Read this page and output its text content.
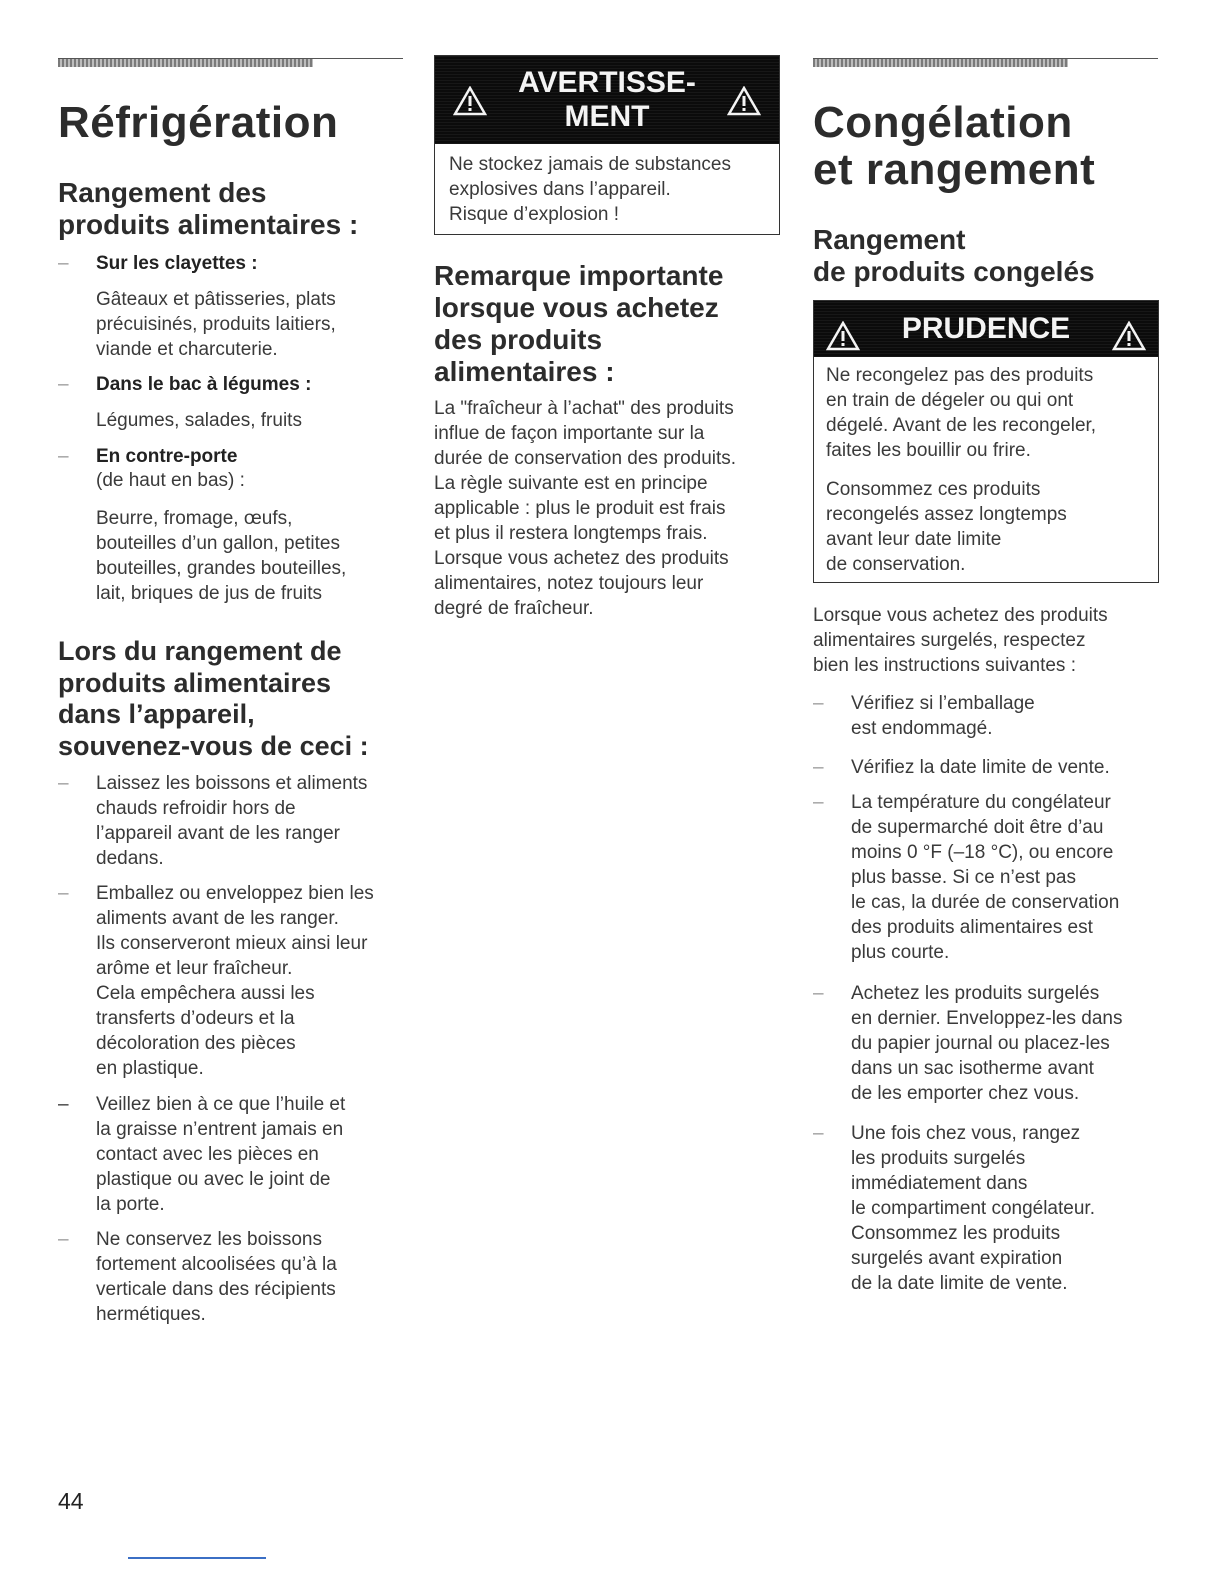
Réfrigération
Rangement des
produits alimentaires :
– Sur les clayettes :
Gâteaux et pâtisseries, plats
précuisinés, produits laitiers,
viande et charcuterie.
– Dans le bac à légumes :
Légumes, salades, fruits
– En contre-porte
(de haut en bas) :
Beurre, fromage, œufs,
bouteilles d’un gallon, petites
bouteilles, grandes bouteilles,
lait, briques de jus de fruits
Lors du rangement de
produits alimentaires
dans l’appareil,
souvenez-vous de ceci :
– Laissez les boissons et aliments
chauds refroidir hors de
l’appareil avant de les ranger
dedans.
– Emballez ou enveloppez bien les
aliments avant de les ranger.
Ils conserveront mieux ainsi leur
arôme et leur fraîcheur.
Cela empêchera aussi les
transferts d’odeurs et la
décoloration des pièces
en plastique.
– Veillez bien à ce que l’huile et
la graisse n’entrent jamais en
contact avec les pièces en
plastique ou avec le joint de
la porte.
– Ne conservez les boissons
fortement alcoolisées qu’à la
verticale dans des récipients
hermétiques.
AVERTISSE-
MENT
Ne stockez jamais de substances
explosives dans l’appareil.
Risque d’explosion !
Remarque importante
lorsque vous achetez
des produits
alimentaires :
La "fraîcheur à l’achat" des produits
influe de façon importante sur la
durée de conservation des produits.
La règle suivante est en principe
applicable : plus le produit est frais
et plus il restera longtemps frais.
Lorsque vous achetez des produits
alimentaires, notez toujours leur
degré de fraîcheur.
Congélation
et rangement
Rangement
de produits congelés
PRUDENCE
Ne recongelez pas des produits
en train de dégeler ou qui ont
dégelé. Avant de les recongeler,
faites les bouillir ou frire.
Consommez ces produits
recongelés assez longtemps
avant leur date limite
de conservation.
Lorsque vous achetez des produits
alimentaires surgelés, respectez
bien les instructions suivantes :
– Vérifiez si l’emballage
est endommagé.
– Vérifiez la date limite de vente.
– La température du congélateur
de supermarché doit être d’au
moins 0 °F (–18 °C), ou encore
plus basse. Si ce n’est pas
le cas, la durée de conservation
des produits alimentaires est
plus courte.
– Achetez les produits surgelés
en dernier. Enveloppez-les dans
du papier journal ou placez-les
dans un sac isotherme avant
de les emporter chez vous.
– Une fois chez vous, rangez
les produits surgelés
immédiatement dans
le compartiment congélateur.
Consommez les produits
surgelés avant expiration
de la date limite de vente.
44
